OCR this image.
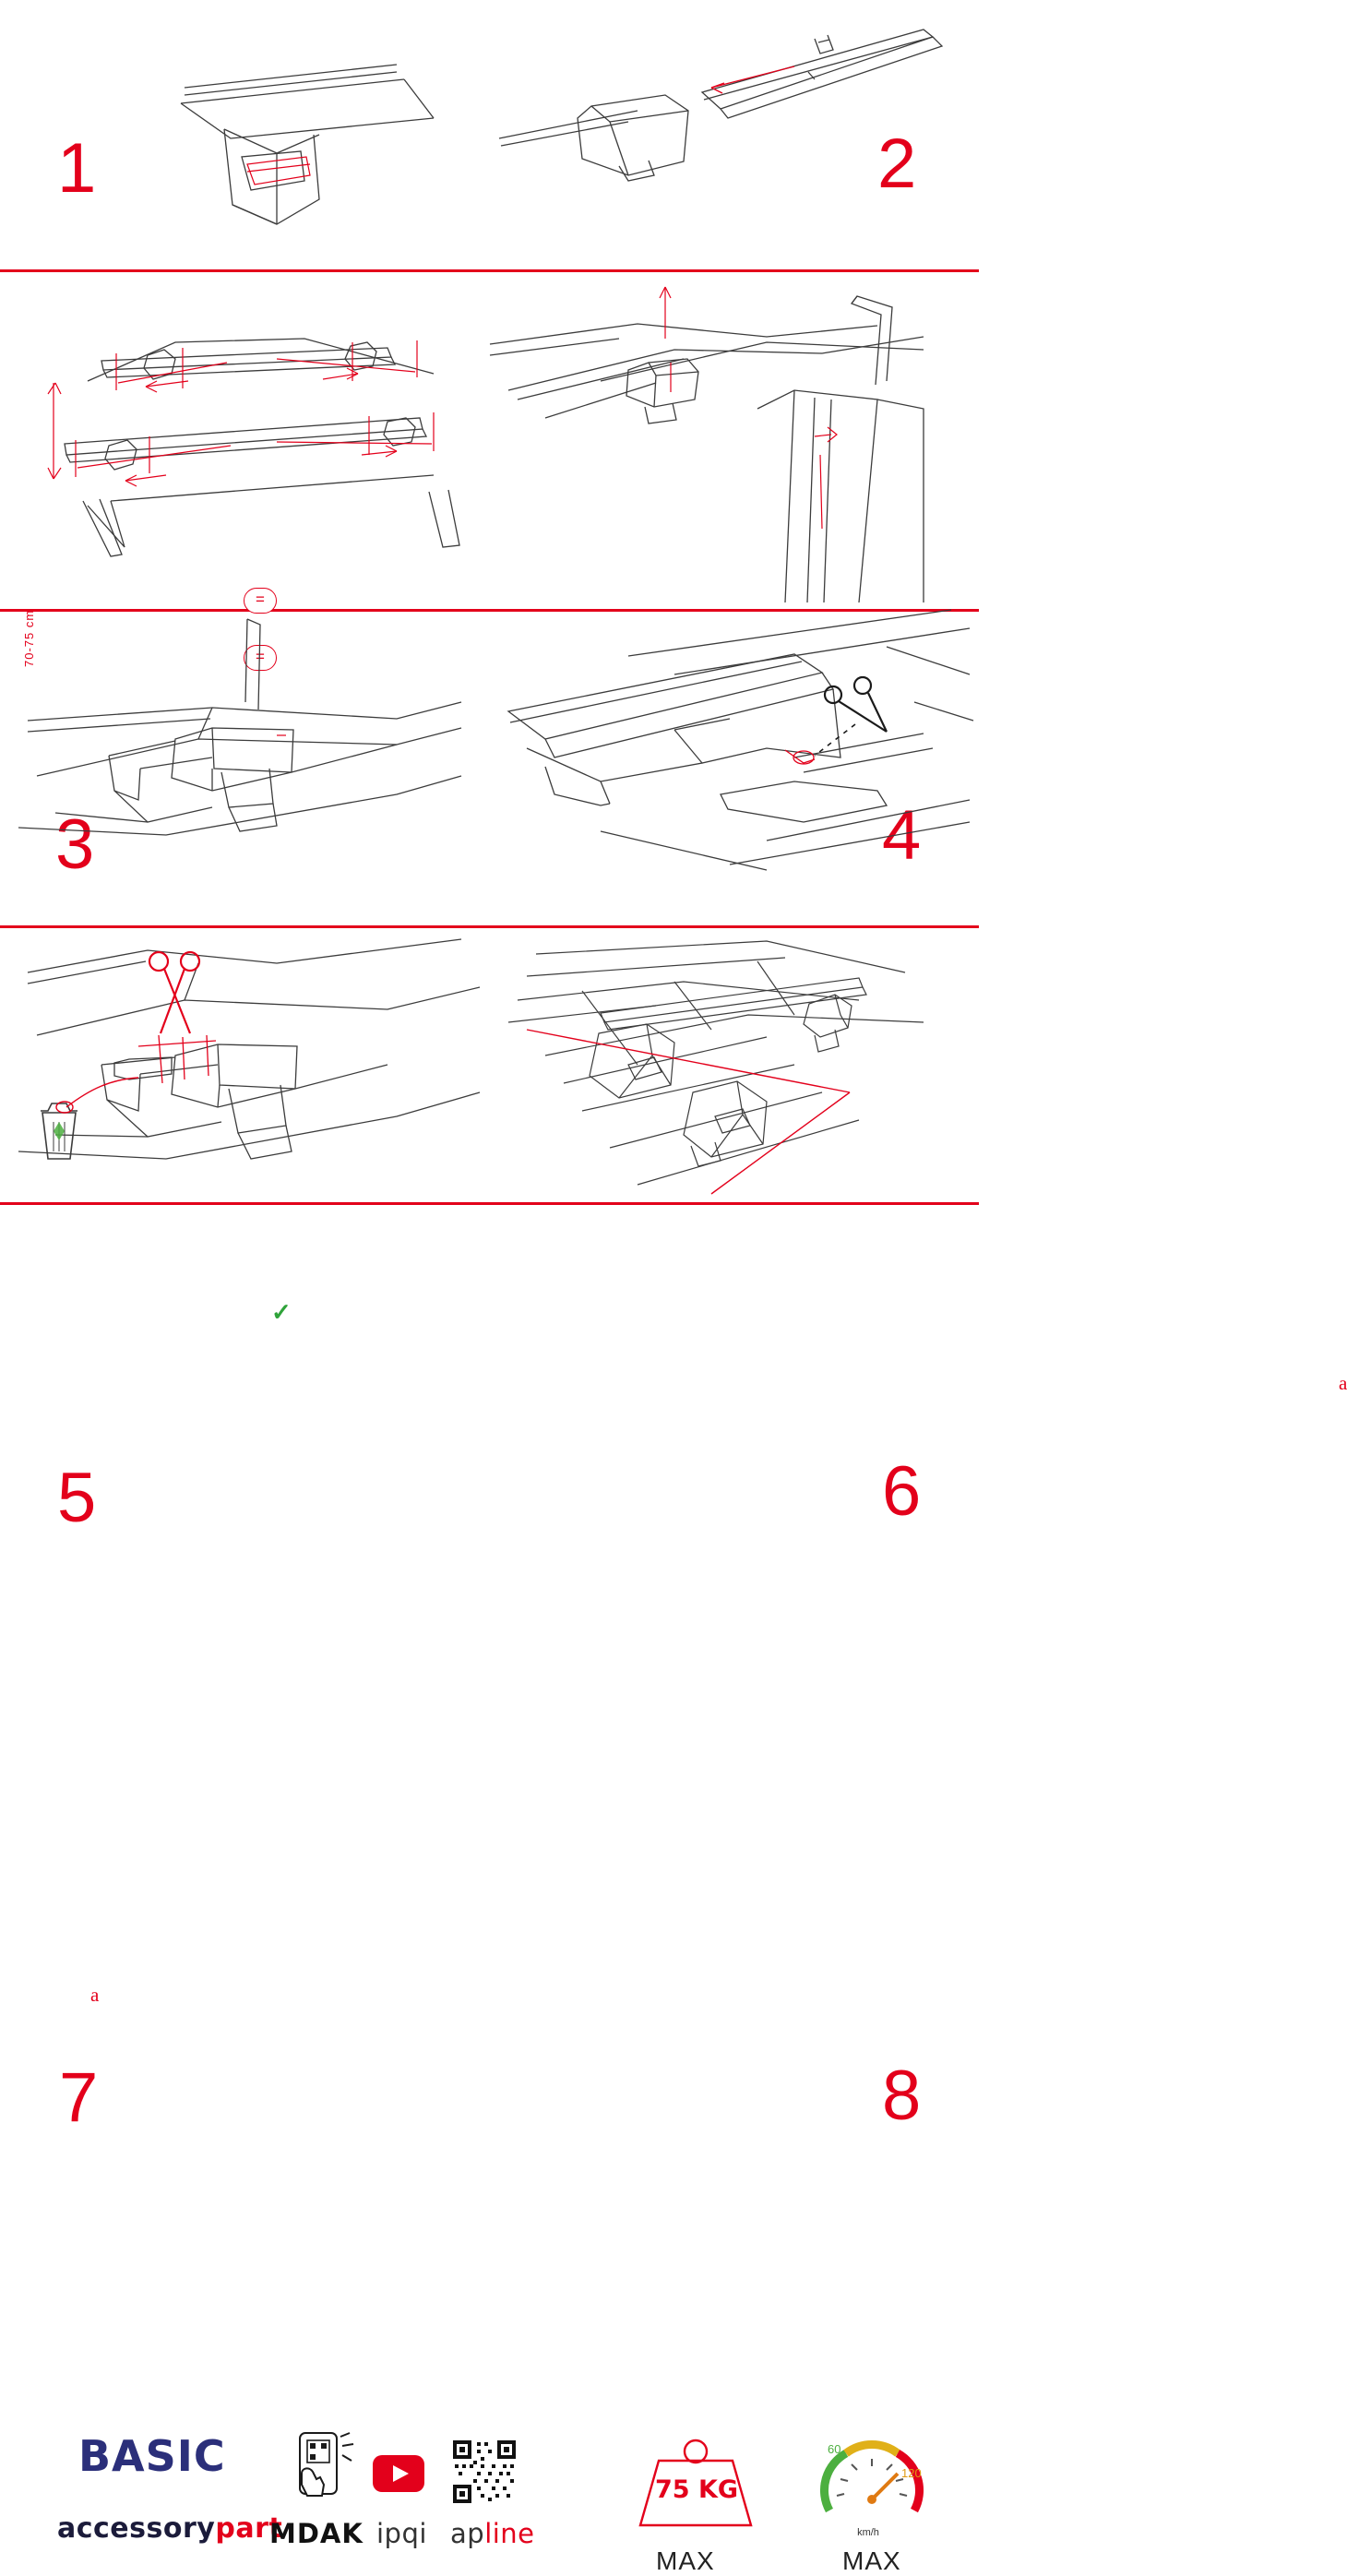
1	2
=
=
70-75 cm
3	4
✓
5
a
6
a
7	8
BASIC
accessorypart
MDAK ipqi apline
75 KG
MAX
60
120
km/h
MAX
